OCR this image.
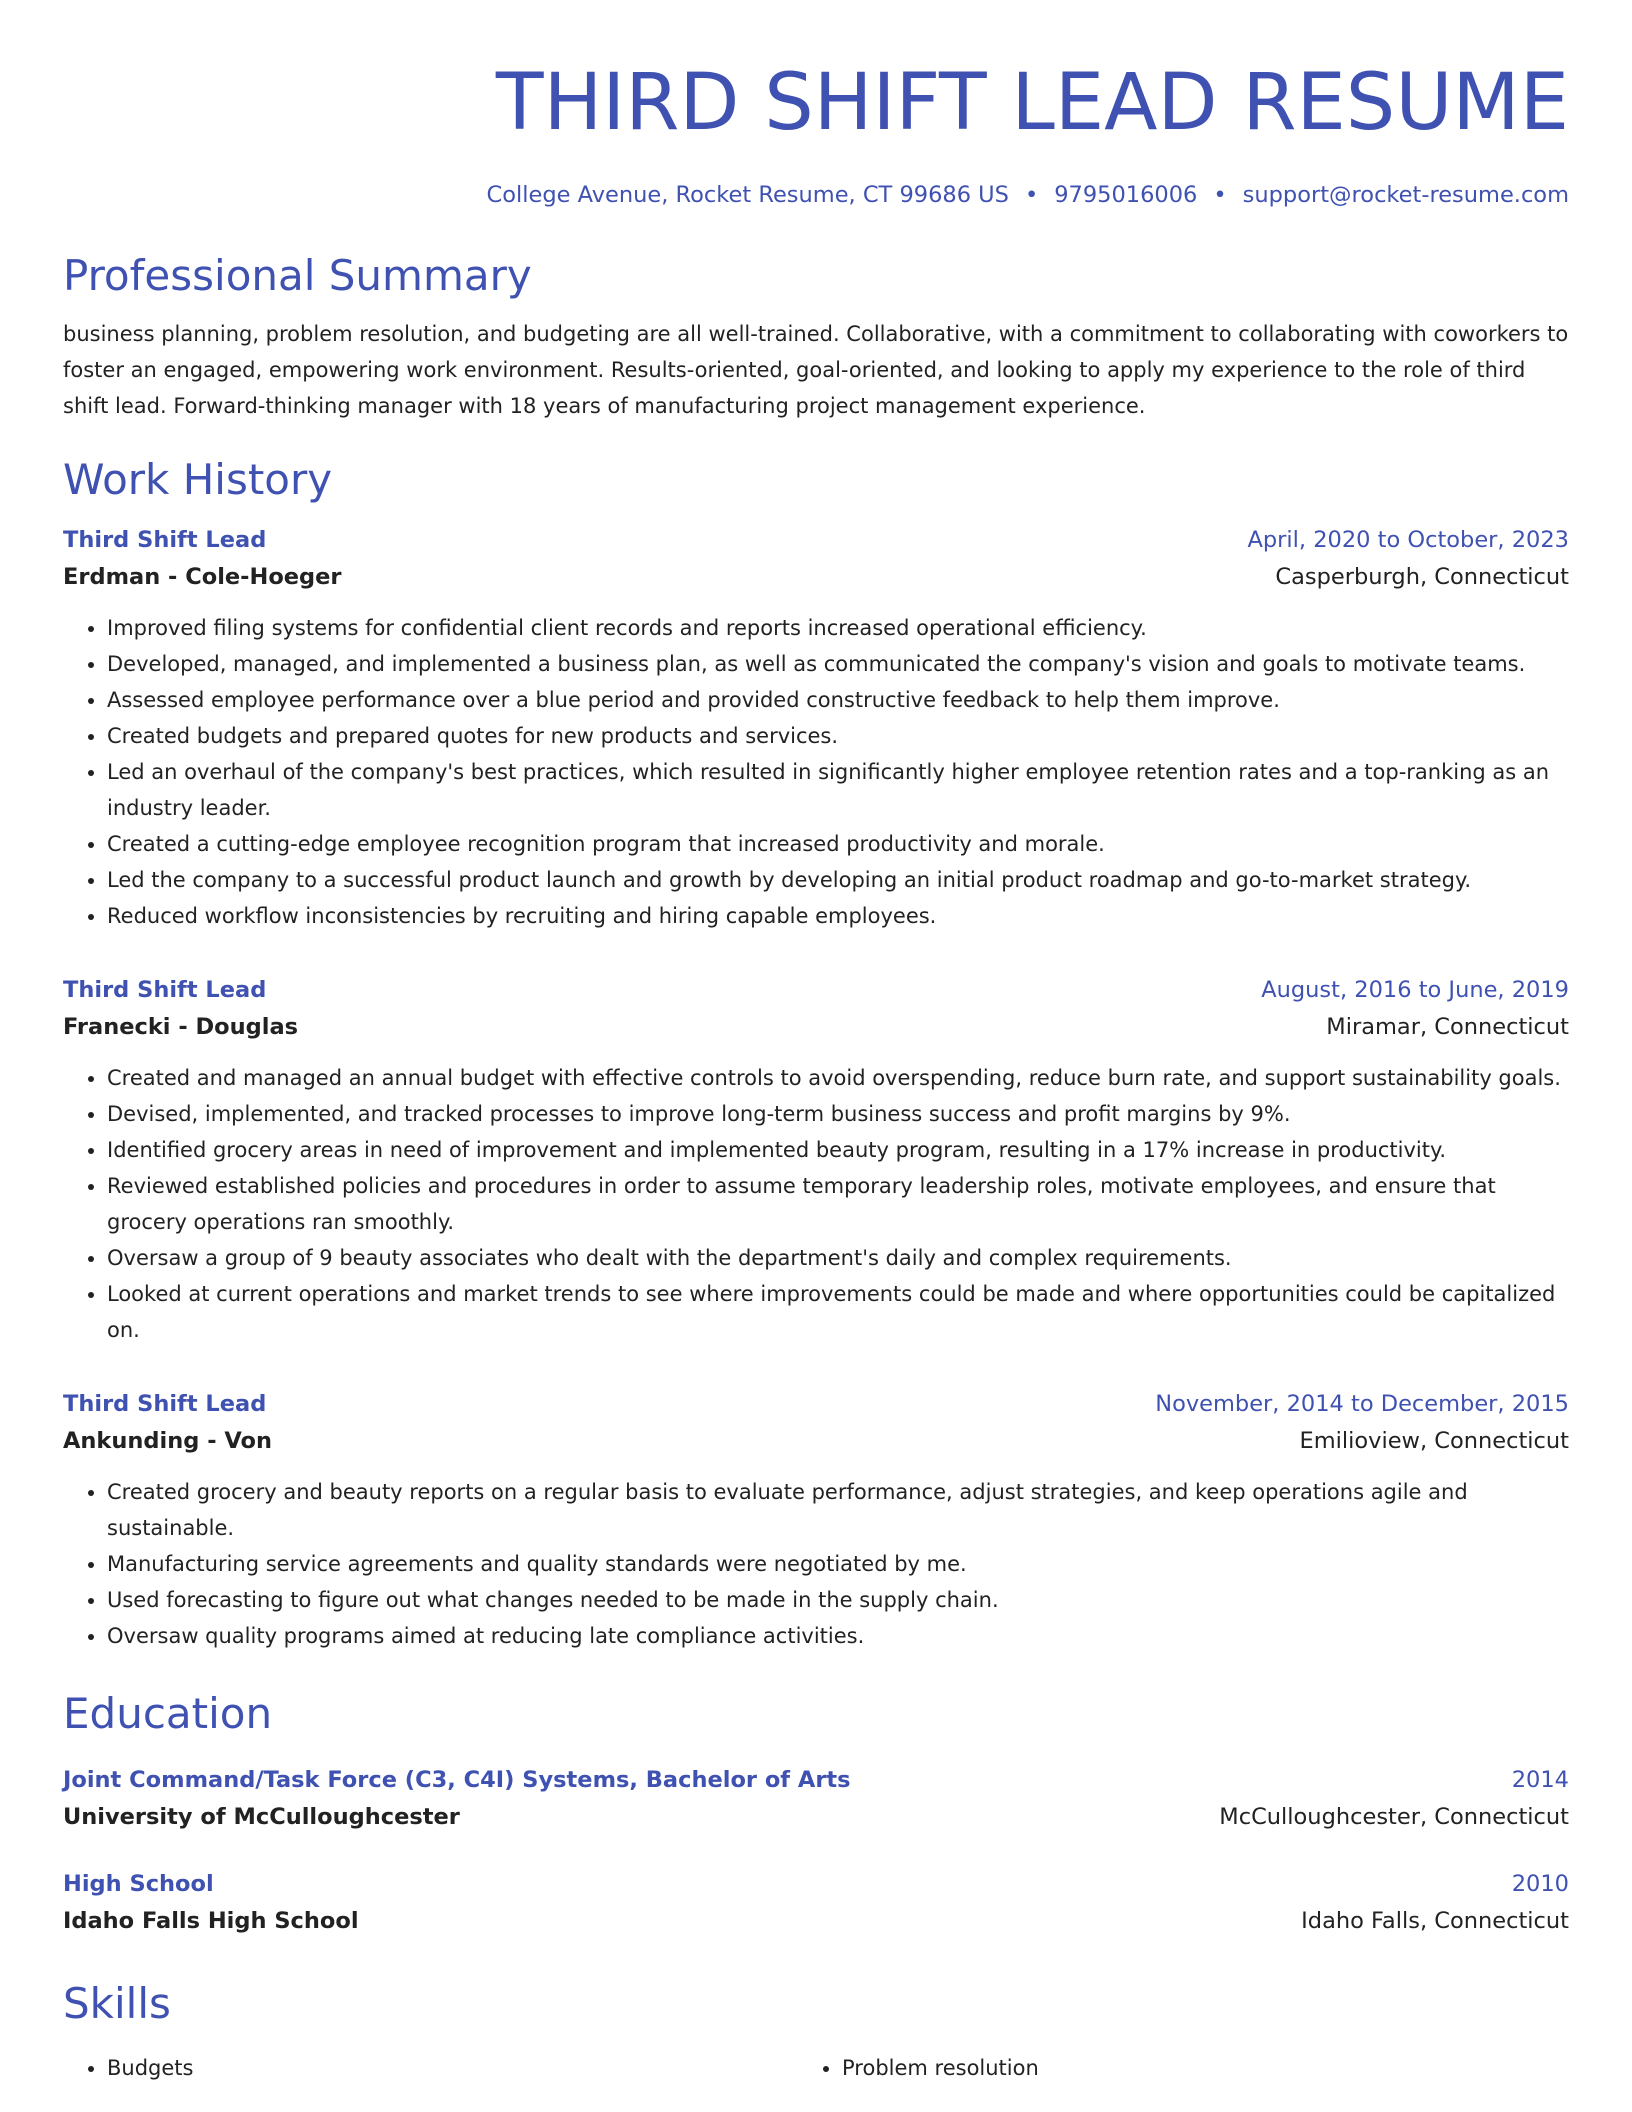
THIRD SHIFT LEAD RESUME
College Avenue, Rocket Resume, CT 99686 US • 9795016006 • support@rocket-resume.com
Professional Summary

business planning, problem resolution, and budgeting are all well-trained. Collaborative, with a commitment to collaborating with coworkers to foster an engaged, empowering work environment. Results-oriented, goal-oriented, and looking to apply my experience to the role of third shift lead. Forward-thinking manager with 18 years of manufacturing project management experience.

Work History
Third Shift Lead	April, 2020 to October, 2023
Erdman - Cole-Hoeger	Casperburgh, Connecticut
• Improved filing systems for confidential client records and reports increased operational efficiency.
• Developed, managed, and implemented a business plan, as well as communicated the company's vision and goals to motivate teams.
• Assessed employee performance over a blue period and provided constructive feedback to help them improve.
• Created budgets and prepared quotes for new products and services.
• Led an overhaul of the company's best practices, which resulted in significantly higher employee retention rates and a top-ranking as an industry leader.
• Created a cutting-edge employee recognition program that increased productivity and morale.
• Led the company to a successful product launch and growth by developing an initial product roadmap and go-to-market strategy.
• Reduced workflow inconsistencies by recruiting and hiring capable employees.
Third Shift Lead	August, 2016 to June, 2019
Franecki - Douglas	Miramar, Connecticut
• Created and managed an annual budget with effective controls to avoid overspending, reduce burn rate, and support sustainability goals.
• Devised, implemented, and tracked processes to improve long-term business success and profit margins by 9%.
• Identified grocery areas in need of improvement and implemented beauty program, resulting in a 17% increase in productivity.
• Reviewed established policies and procedures in order to assume temporary leadership roles, motivate employees, and ensure that grocery operations ran smoothly.
• Oversaw a group of 9 beauty associates who dealt with the department's daily and complex requirements.
• Looked at current operations and market trends to see where improvements could be made and where opportunities could be capitalized on.
Third Shift Lead	November, 2014 to December, 2015
Ankunding - Von	Emilioview, Connecticut
• Created grocery and beauty reports on a regular basis to evaluate performance, adjust strategies, and keep operations agile and sustainable.
• Manufacturing service agreements and quality standards were negotiated by me.
• Used forecasting to figure out what changes needed to be made in the supply chain.
• Oversaw quality programs aimed at reducing late compliance activities.
Education
Joint Command/Task Force (C3, C4I) Systems, Bachelor of Arts	2014
University of McCulloughcester	McCulloughcester, Connecticut
High School	2010
Idaho Falls High School	Idaho Falls, Connecticut
Skills
• Budgets
•	Problem resolution
